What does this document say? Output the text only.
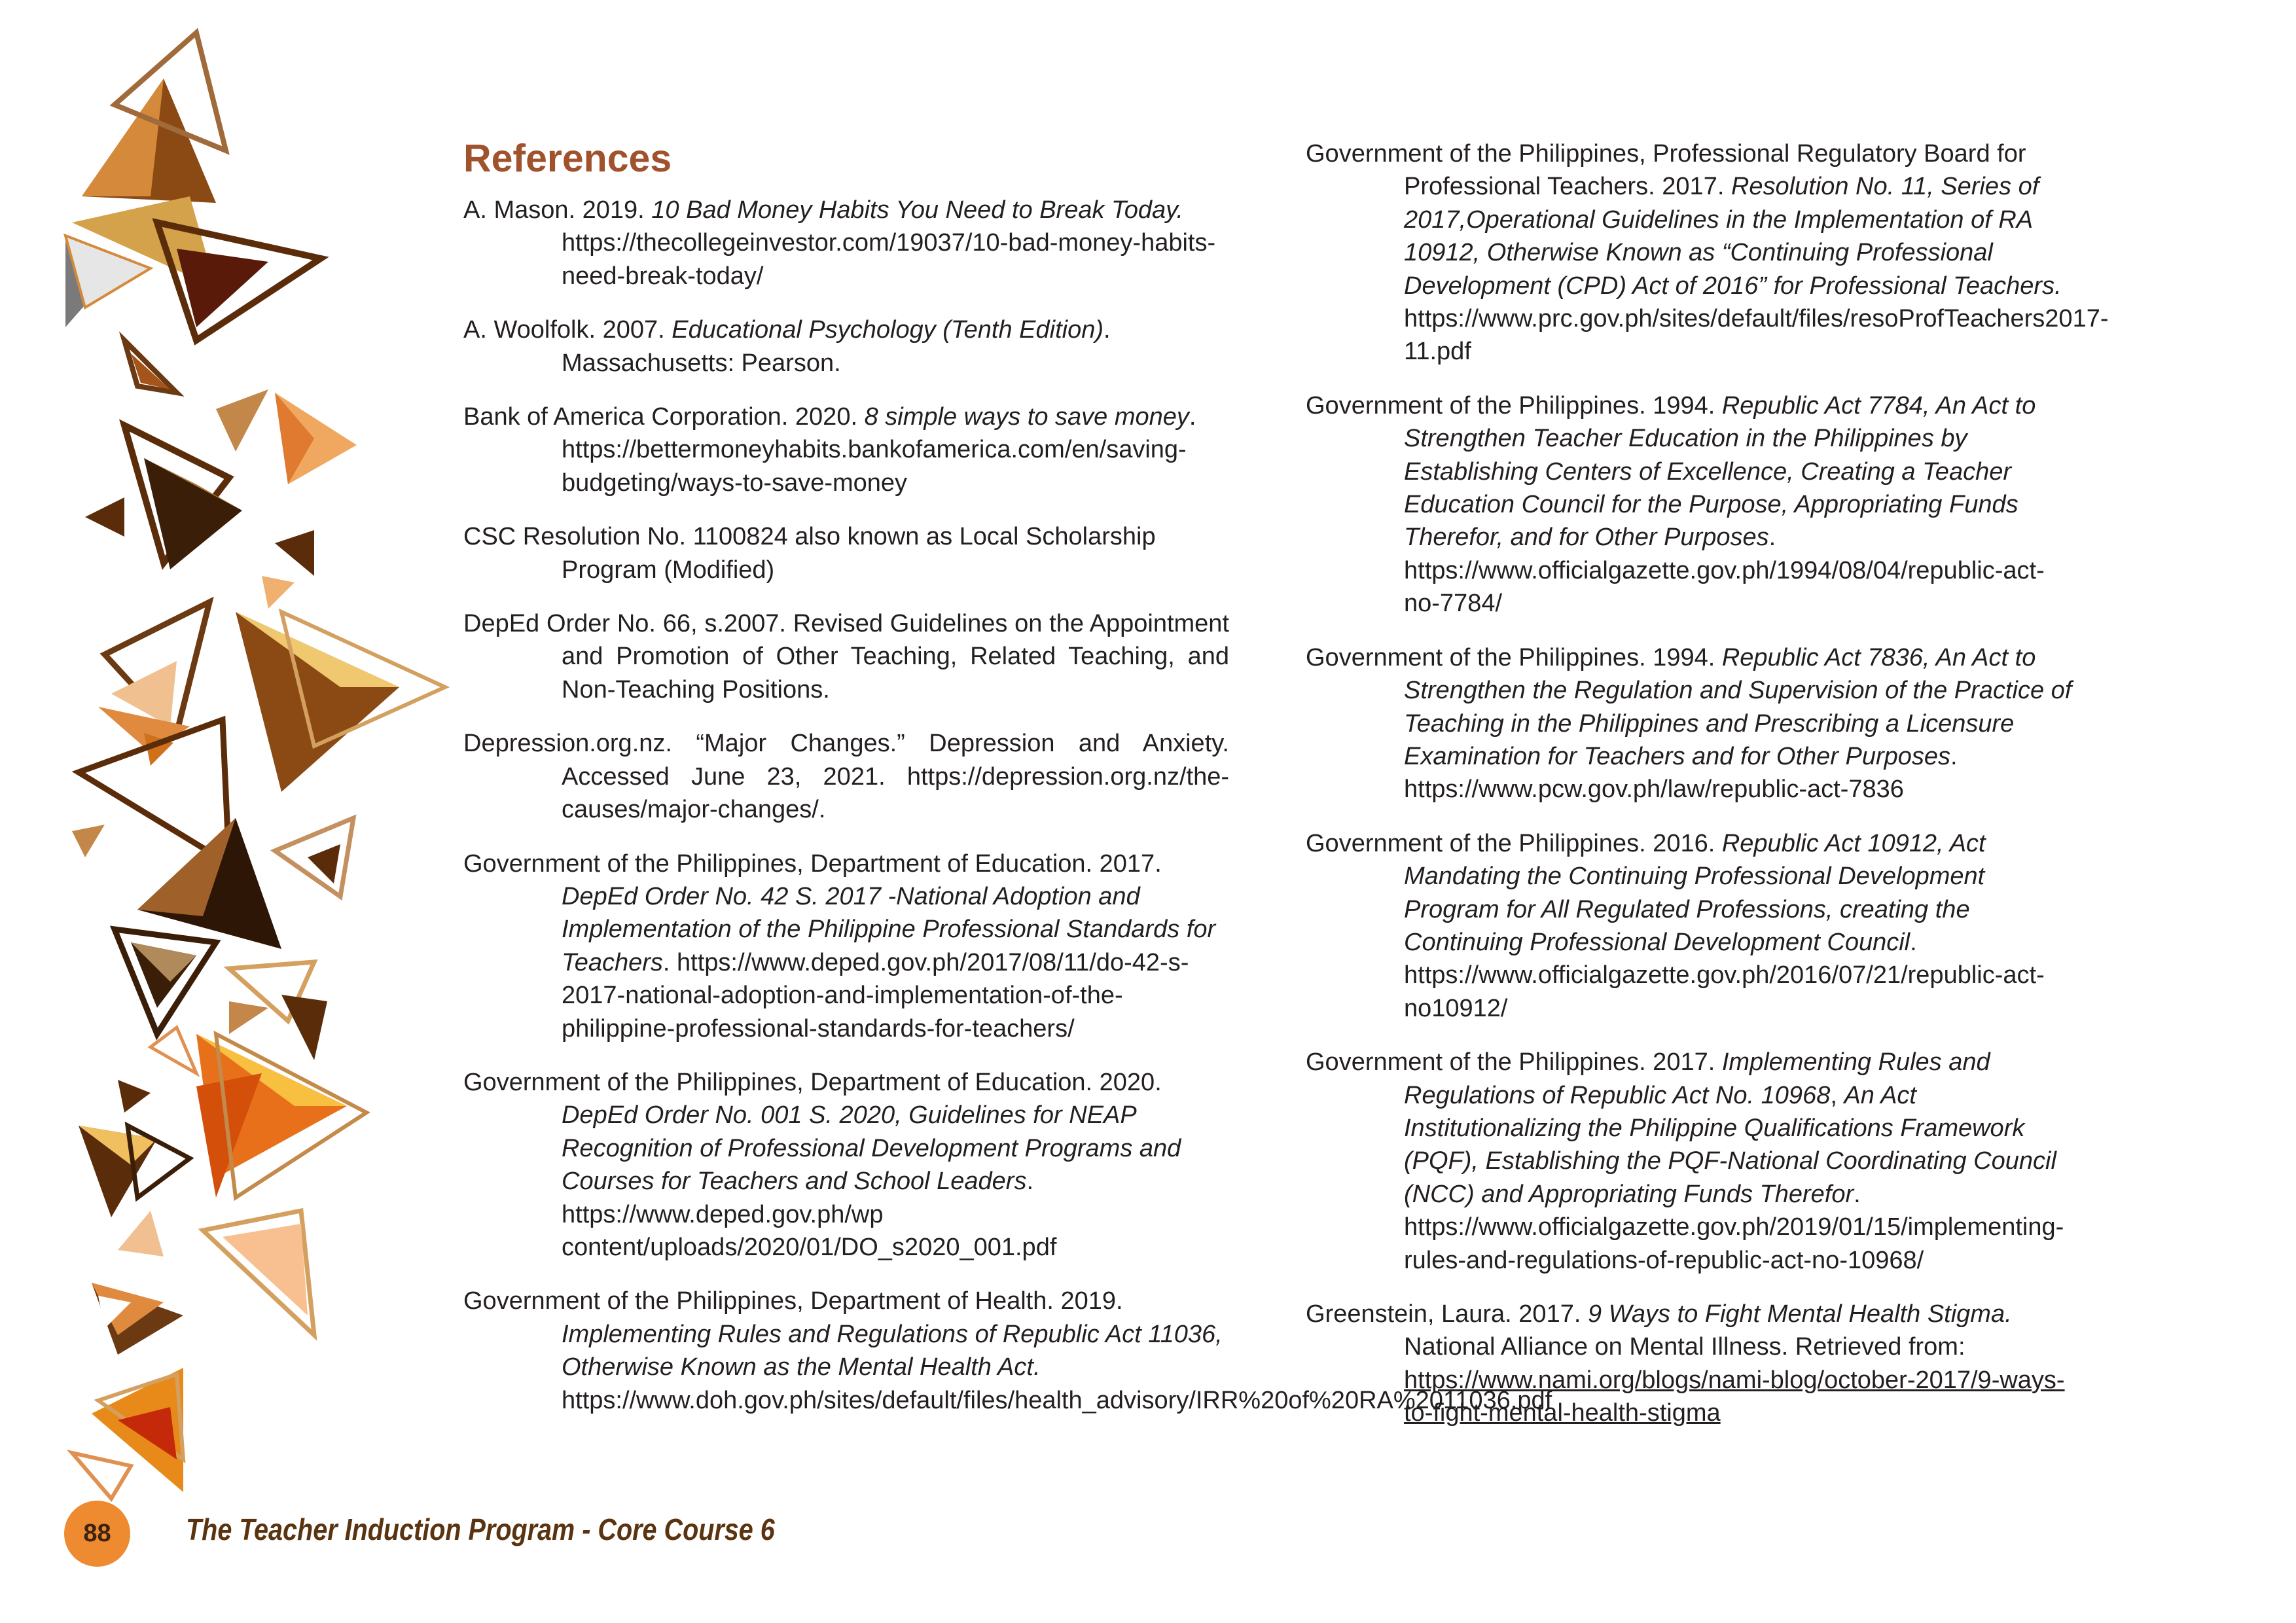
References

A. Mason. 2019. 10 Bad Money Habits You Need to Break Today. https://thecollegeinvestor.com/19037/10-bad-money-habits-need-break-today/

A. Woolfolk. 2007. Educational Psychology (Tenth Edition). Massachusetts: Pearson.

Bank of America Corporation. 2020. 8 simple ways to save money. https://bettermoneyhabits.bankofamerica.com/en/saving-budgeting/ways-to-save-money

CSC Resolution No. 1100824 also known as Local Scholarship Program (Modified)

DepEd Order No. 66, s.2007. Revised Guidelines on the Appointment and Promotion of Other Teaching, Related Teaching, and Non-Teaching Positions.

Depression.org.nz. “Major Changes.” Depression and Anxiety. Accessed June 23, 2021. https://depression.org.nz/the-causes/major-changes/.

Government of the Philippines, Department of Education. 2017. DepEd Order No. 42 S. 2017 -National Adoption and Implementation of the Philippine Professional Standards for Teachers. https://www.deped.gov.ph/2017/08/11/do-42-s-2017-national-adoption-and-implementation-of-the-philippine-professional-standards-for-teachers/

Government of the Philippines, Department of Education. 2020. DepEd Order No. 001 S. 2020, Guidelines for NEAP Recognition of Professional Development Programs and Courses for Teachers and School Leaders. https://www.deped.gov.ph/wp content/uploads/2020/01/DO_s2020_001.pdf

Government of the Philippines, Department of Health. 2019. Implementing Rules and Regulations of Republic Act 11036, Otherwise Known as the Mental Health Act. https://www.doh.gov.ph/sites/default/files/health_advisory/IRR%20of%20RA%2011036.pdf

Government of the Philippines, Professional Regulatory Board for Professional Teachers. 2017. Resolution No. 11, Series of 2017,Operational Guidelines in the Implementation of RA 10912, Otherwise Known as “Continuing Professional Development (CPD) Act of 2016” for Professional Teachers. https://www.prc.gov.ph/sites/default/files/resoProfTeachers2017-11.pdf

Government of the Philippines. 1994. Republic Act 7784, An Act to Strengthen Teacher Education in the Philippines by Establishing Centers of Excellence, Creating a Teacher Education Council for the Purpose, Appropriating Funds Therefor, and for Other Purposes. https://www.officialgazette.gov.ph/1994/08/04/republic-act-no-7784/

Government of the Philippines. 1994. Republic Act 7836, An Act to Strengthen the Regulation and Supervision of the Practice of Teaching in the Philippines and Prescribing a Licensure Examination for Teachers and for Other Purposes. https://www.pcw.gov.ph/law/republic-act-7836

Government of the Philippines. 2016. Republic Act 10912, Act Mandating the Continuing Professional Development Program for All Regulated Professions, creating the Continuing Professional Development Council. https://www.officialgazette.gov.ph/2016/07/21/republic-act-no10912/

Government of the Philippines. 2017. Implementing Rules and Regulations of Republic Act No. 10968, An Act Institutionalizing the Philippine Qualifications Framework (PQF), Establishing the PQF-National Coordinating Council (NCC) and Appropriating Funds Therefor. https://www.officialgazette.gov.ph/2019/01/15/implementing-rules-and-regulations-of-republic-act-no-10968/

Greenstein, Laura. 2017. 9 Ways to Fight Mental Health Stigma. National Alliance on Mental Illness. Retrieved from: https://www.nami.org/blogs/nami-blog/october-2017/9-ways-to-fight-mental-health-stigma

88	The Teacher Induction Program - Core Course 6
